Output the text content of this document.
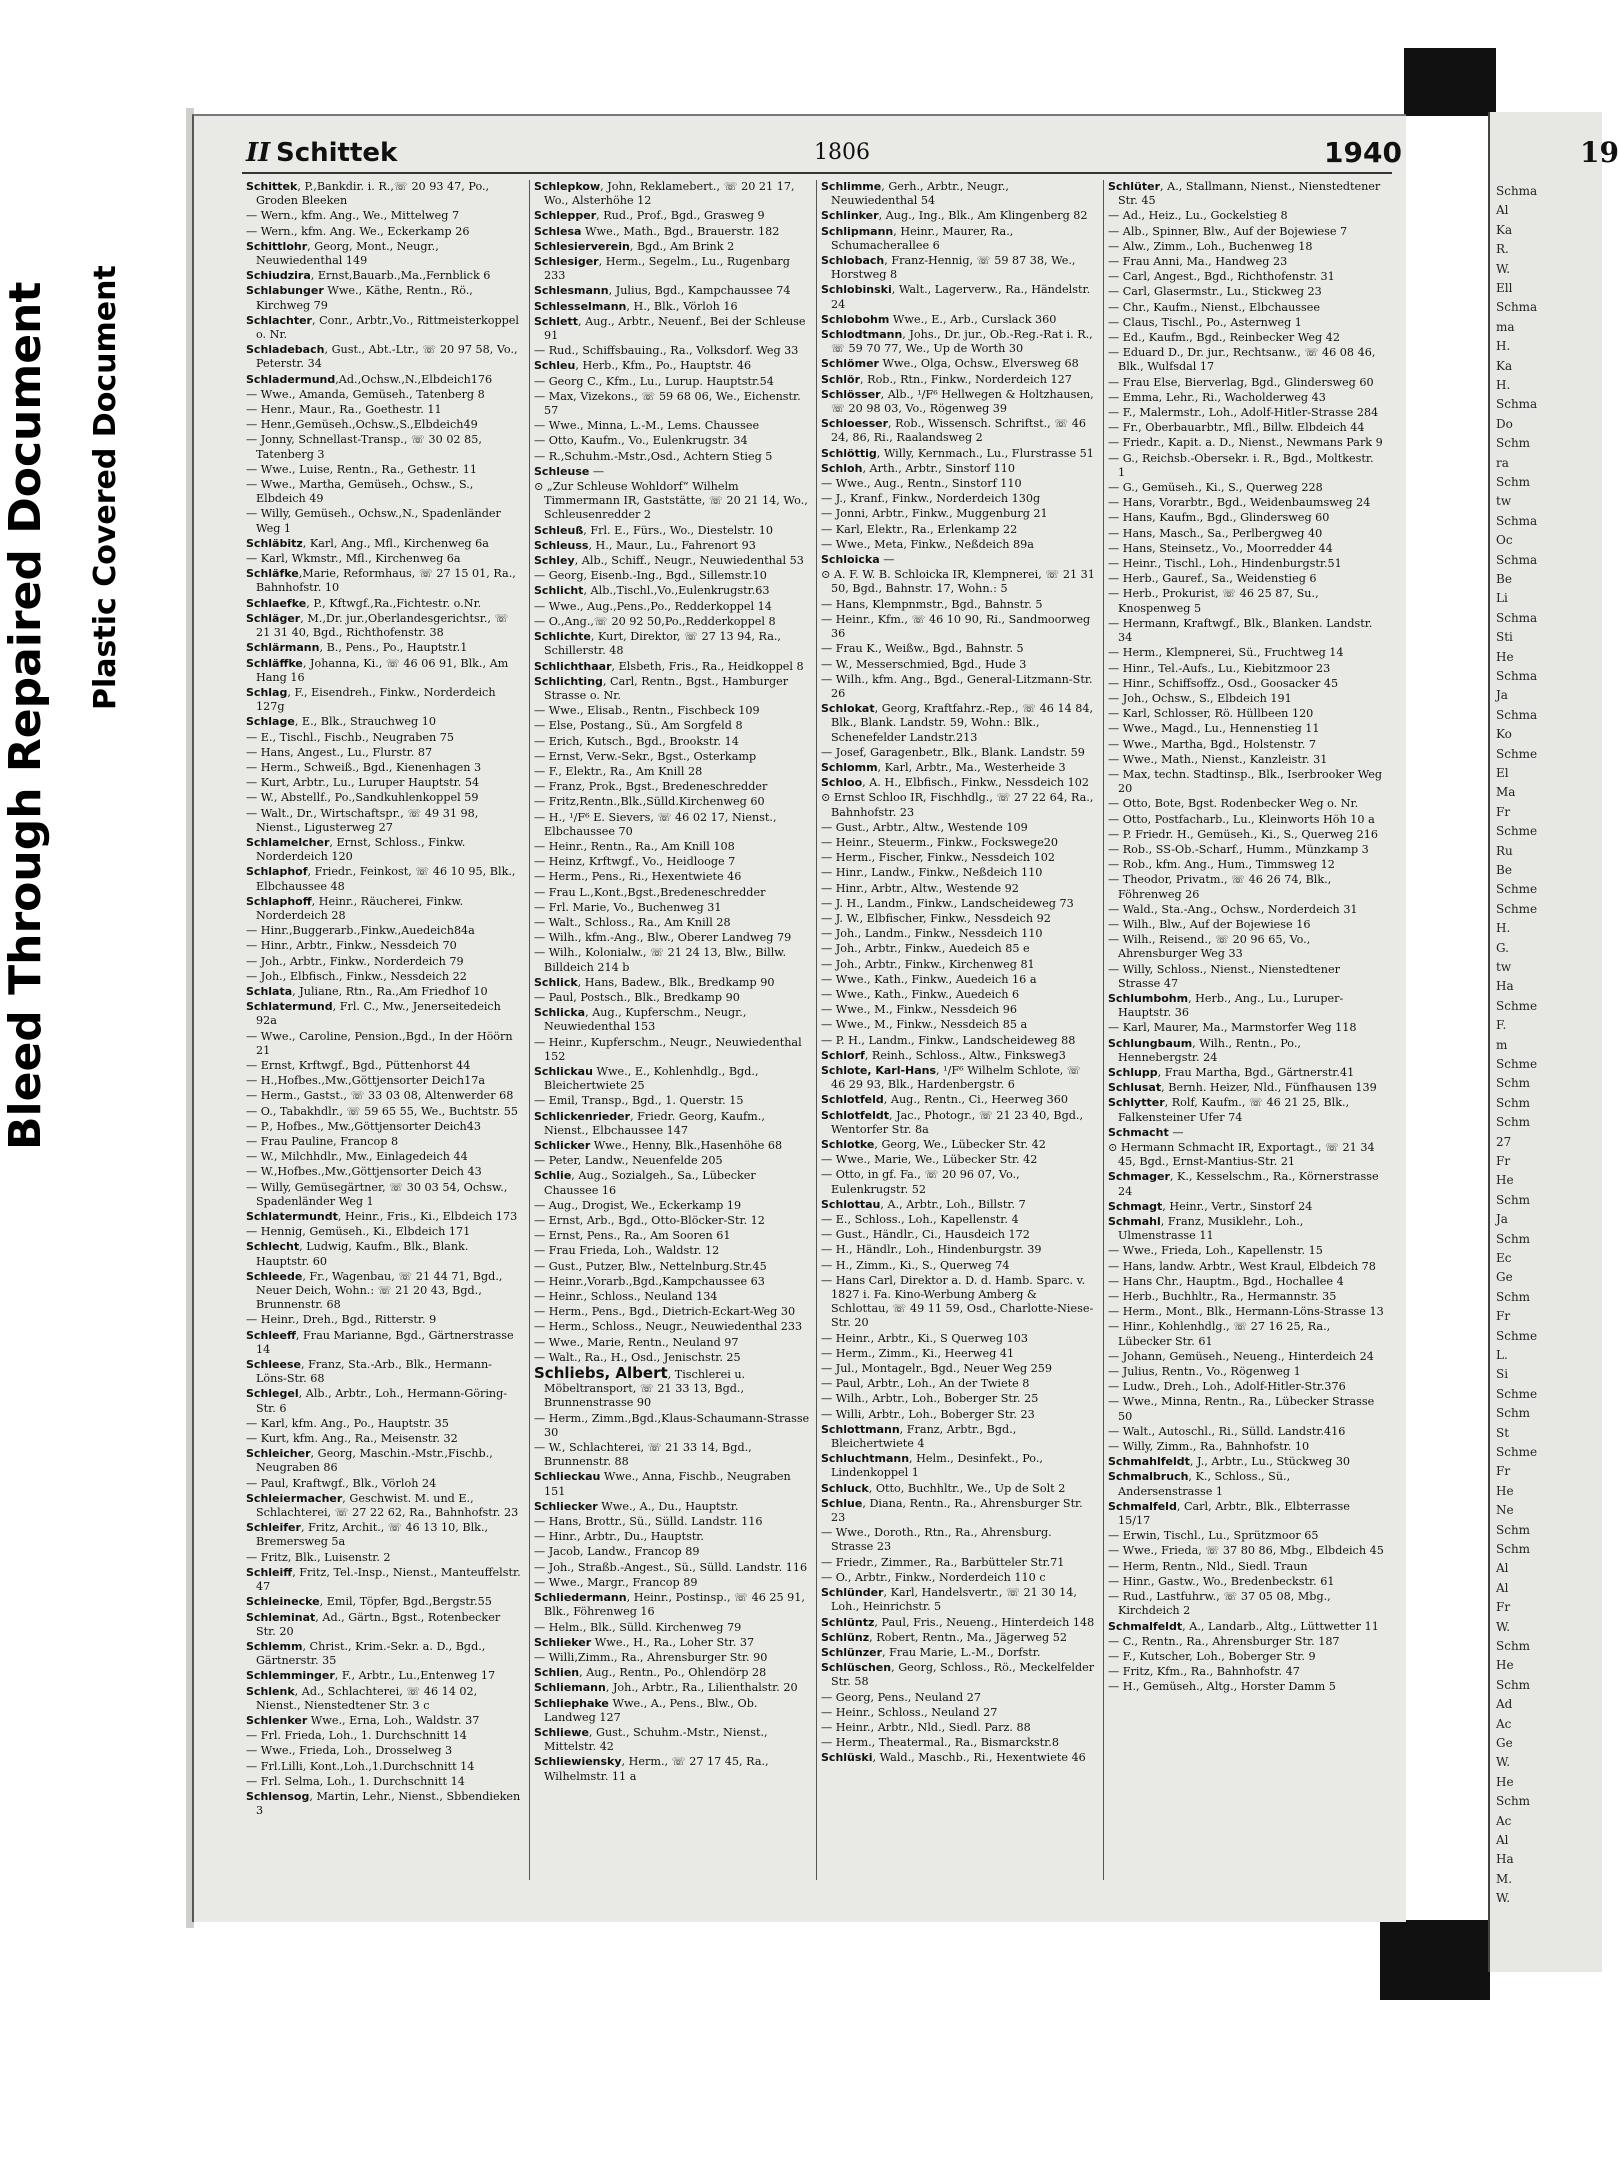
Bleed Through Repaired Document Plastic Covered Document
II Schittek	1806	1940
Schittek, P.,Bankdir. i. R.,☏ 20 93 47, Po., Groden Bleeken
— Wern., kfm. Ang., We., Mittelweg 7
— Wern., kfm. Ang. We., Eckerkamp 26
Schittlohr, Georg, Mont., Neugr., Neuwiedenthal 149
Schiudzira, Ernst,Bauarb.,Ma.,Fernblick 6
Schlabunger Wwe., Käthe, Rentn., Rö., Kirchweg 79
Schlachter, Conr., Arbtr.,Vo., Rittmeisterkoppel o. Nr.
Schladebach, Gust., Abt.-Ltr., ☏ 20 97 58, Vo., Peterstr. 34
Schladermund,Ad.,Ochsw.,N.,Elbdeich176
— Wwe., Amanda, Gemüseh., Tatenberg 8
— Henr., Maur., Ra., Goethestr. 11
— Henr.,Gemüseh.,Ochsw.,S.,Elbdeich49
— Jonny, Schnellast-Transp., ☏ 30 02 85, Tatenberg 3
— Wwe., Luise, Rentn., Ra., Gethestr. 11
— Wwe., Martha, Gemüseh., Ochsw., S., Elbdeich 49
— Willy, Gemüseh., Ochsw.,N., Spadenländer Weg 1
Schläbitz, Karl, Ang., Mfl., Kirchenweg 6a
— Karl, Wkmstr., Mfl., Kirchenweg 6a
Schläfke,Marie, Reformhaus, ☏ 27 15 01, Ra., Bahnhofstr. 10
Schlaefke, P., Kftwgf.,Ra.,Fichtestr. o.Nr.
Schläger, M.,Dr. jur.,Oberlandesgerichtsr., ☏ 21 31 40, Bgd., Richthofenstr. 38
Schlärmann, B., Pens., Po., Hauptstr.1
Schläffke, Johanna, Ki., ☏ 46 06 91, Blk., Am Hang 16
Schlag, F., Eisendreh., Finkw., Norderdeich 127g
Schlage, E., Blk., Strauchweg 10
— E., Tischl., Fischb., Neugraben 75
— Hans, Angest., Lu., Flurstr. 87
— Herm., Schweiß., Bgd., Kienenhagen 3
— Kurt, Arbtr., Lu., Luruper Hauptstr. 54
— W., Abstellf., Po.,Sandkuhlenkoppel 59
— Walt., Dr., Wirtschaftspr., ☏ 49 31 98, Nienst., Ligusterweg 27
Schlamelcher, Ernst, Schloss., Finkw. Norderdeich 120
Schlaphof, Friedr., Feinkost, ☏ 46 10 95, Blk., Elbchaussee 48
Schlaphoff, Heinr., Räucherei, Finkw. Norderdeich 28
— Hinr.,Buggerarb.,Finkw.,Auedeich84a
— Hinr., Arbtr., Finkw., Nessdeich 70
— Joh., Arbtr., Finkw., Norderdeich 79
— Joh., Elbfisch., Finkw., Nessdeich 22
Schlata, Juliane, Rtn., Ra.,Am Friedhof 10
Schlatermund, Frl. C., Mw., Jenerseitedeich 92a
— Wwe., Caroline, Pension.,Bgd., In der Höörn 21
— Ernst, Krftwgf., Bgd., Püttenhorst 44
— H.,Hofbes.,Mw.,Göttjensorter Deich17a
— Herm., Gastst., ☏ 33 03 08, Altenwerder 68
— O., Tabakhdlr., ☏ 59 65 55, We., Buchtstr. 55
— P., Hofbes., Mw.,Göttjensorter Deich43
— Frau Pauline, Francop 8
— W., Milchhdlr., Mw., Einlagedeich 44
— W.,Hofbes.,Mw.,Göttjensorter Deich 43
— Willy, Gemüsegärtner, ☏ 30 03 54, Ochsw., Spadenländer Weg 1
Schlatermundt, Heinr., Fris., Ki., Elbdeich 173
— Hennig, Gemüseh., Ki., Elbdeich 171
Schlecht, Ludwig, Kaufm., Blk., Blank. Hauptstr. 60
Schleede, Fr., Wagenbau, ☏ 21 44 71, Bgd., Neuer Deich, Wohn.: ☏ 21 20 43, Bgd., Brunnenstr. 68
— Heinr., Dreh., Bgd., Ritterstr. 9
Schleeff, Frau Marianne, Bgd., Gärtnerstrasse 14
Schleese, Franz, Sta.-Arb., Blk., Hermann-Löns-Str. 68
Schlegel, Alb., Arbtr., Loh., Hermann-Göring-Str. 6
— Karl, kfm. Ang., Po., Hauptstr. 35
— Kurt, kfm. Ang., Ra., Meisenstr. 32
Schleicher, Georg, Maschin.-Mstr.,Fischb., Neugraben 86
— Paul, Kraftwgf., Blk., Vörloh 24
Schleiermacher, Geschwist. M. und E., Schlachterei, ☏ 27 22 62, Ra., Bahnhofstr. 23
Schleifer, Fritz, Archit., ☏ 46 13 10, Blk., Bremersweg 5a
— Fritz, Blk., Luisenstr. 2
Schleiff, Fritz, Tel.-Insp., Nienst., Manteuffelstr. 47
Schleinecke, Emil, Töpfer, Bgd.,Bergstr.55
Schleminat, Ad., Gärtn., Bgst., Rotenbecker Str. 20
Schlemm, Christ., Krim.-Sekr. a. D., Bgd., Gärtnerstr. 35
Schlemminger, F., Arbtr., Lu.,Entenweg 17
Schlenk, Ad., Schlachterei, ☏ 46 14 02, Nienst., Nienstedtener Str. 3 c
Schlenker Wwe., Erna, Loh., Waldstr. 37
— Frl. Frieda, Loh., 1. Durchschnitt 14
— Wwe., Frieda, Loh., Drosselweg 3
— Frl.Lilli, Kont.,Loh.,1.Durchschnitt 14
— Frl. Selma, Loh., 1. Durchschnitt 14
Schlensog, Martin, Lehr., Nienst., Sbbendieken 3
Schlepkow, John, Reklamebert., ☏ 20 21 17, Wo., Alsterhöhe 12
Schlepper, Rud., Prof., Bgd., Grasweg 9
Schlesa Wwe., Math., Bgd., Brauerstr. 182
Schlesierverein, Bgd., Am Brink 2
Schlesiger, Herm., Segelm., Lu., Rugenbarg 233
Schlesmann, Julius, Bgd., Kampchaussee 74
Schlesselmann, H., Blk., Vörloh 16
Schlett, Aug., Arbtr., Neuenf., Bei der Schleuse 91
— Rud., Schiffsbauing., Ra., Volksdorf. Weg 33
Schleu, Herb., Kfm., Po., Hauptstr. 46
— Georg C., Kfm., Lu., Lurup. Hauptstr.54
— Max, Vizekons., ☏ 59 68 06, We., Eichenstr. 57
— Wwe., Minna, L.-M., Lems. Chaussee
— Otto, Kaufm., Vo., Eulenkrugstr. 34
— R.,Schuhm.-Mstr.,Osd., Achtern Stieg 5
Schleuse —
⊙ „Zur Schleuse Wohldorf“ Wilhelm Timmermann IR, Gaststätte, ☏ 20 21 14, Wo., Schleusenredder 2
Schleuß, Frl. E., Fürs., Wo., Diestelstr. 10
Schleuss, H., Maur., Lu., Fahrenort 93
Schley, Alb., Schiff., Neugr., Neuwiedenthal 53
— Georg, Eisenb.-Ing., Bgd., Sillemstr.10
Schlicht, Alb.,Tischl.,Vo.,Eulenkrugstr.63
— Wwe., Aug.,Pens.,Po., Redderkoppel 14
— O.,Ang.,☏ 20 92 50,Po.,Redderkoppel 8
Schlichte, Kurt, Direktor, ☏ 27 13 94, Ra., Schillerstr. 48
Schlichthaar, Elsbeth, Fris., Ra., Heidkoppel 8
Schlichting, Carl, Rentn., Bgst., Hamburger Strasse o. Nr.
— Wwe., Elisab., Rentn., Fischbeck 109
— Else, Postang., Sü., Am Sorgfeld 8
— Erich, Kutsch., Bgd., Brookstr. 14
— Ernst, Verw.-Sekr., Bgst., Osterkamp
— F., Elektr., Ra., Am Knill 28
— Franz, Prok., Bgst., Bredeneschredder
— Fritz,Rentn.,Blk.,Sülld.Kirchenweg 60
— H., ¹/F⁶ E. Sievers, ☏ 46 02 17, Nienst., Elbchaussee 70
— Heinr., Rentn., Ra., Am Knill 108
— Heinz, Krftwgf., Vo., Heidlooge 7
— Herm., Pens., Ri., Hexentwiete 46
— Frau L.,Kont.,Bgst.,Bredeneschredder
— Frl. Marie, Vo., Buchenweg 31
— Walt., Schloss., Ra., Am Knill 28
— Wilh., kfm.-Ang., Blw., Oberer Landweg 79
— Wilh., Kolonialw., ☏ 21 24 13, Blw., Billw. Billdeich 214 b
Schlick, Hans, Badew., Blk., Bredkamp 90
— Paul, Postsch., Blk., Bredkamp 90
Schlicka, Aug., Kupferschm., Neugr., Neuwiedenthal 153
— Heinr., Kupferschm., Neugr., Neuwiedenthal 152
Schlickau Wwe., E., Kohlenhdlg., Bgd., Bleichertwiete 25
— Emil, Transp., Bgd., 1. Querstr. 15
Schlickenrieder, Friedr. Georg, Kaufm., Nienst., Elbchaussee 147
Schlicker Wwe., Henny, Blk.,Hasenhöhe 68
— Peter, Landw., Neuenfelde 205
Schlie, Aug., Sozialgeh., Sa., Lübecker Chaussee 16
— Aug., Drogist, We., Eckerkamp 19
— Ernst, Arb., Bgd., Otto-Blöcker-Str. 12
— Ernst, Pens., Ra., Am Sooren 61
— Frau Frieda, Loh., Waldstr. 12
— Gust., Putzer, Blw., Nettelnburg.Str.45
— Heinr.,Vorarb.,Bgd.,Kampchaussee 63
— Heinr., Schloss., Neuland 134
— Herm., Pens., Bgd., Dietrich-Eckart-Weg 30
— Herm., Schloss., Neugr., Neuwiedenthal 233
— Wwe., Marie, Rentn., Neuland 97
— Walt., Ra., H., Osd., Jenischstr. 25
Schliebs, Albert, Tischlerei u. Möbeltransport, ☏ 21 33 13, Bgd., Brunnenstrasse 90
— Herm., Zimm.,Bgd.,Klaus-Schaumann-Strasse 30
— W., Schlachterei, ☏ 21 33 14, Bgd., Brunnenstr. 88
Schlieckau Wwe., Anna, Fischb., Neugraben 151
Schliecker Wwe., A., Du., Hauptstr.
— Hans, Brottr., Sü., Sülld. Landstr. 116
— Hinr., Arbtr., Du., Hauptstr.
— Jacob, Landw., Francop 89
— Joh., Straßb.-Angest., Sü., Sülld. Landstr. 116
— Wwe., Margr., Francop 89
Schliedermann, Heinr., Postinsp., ☏ 46 25 91, Blk., Föhrenweg 16
— Helm., Blk., Sülld. Kirchenweg 79
Schlieker Wwe., H., Ra., Loher Str. 37
— Willi,Zimm., Ra., Ahrensburger Str. 90
Schlien, Aug., Rentn., Po., Ohlendörp 28
Schliemann, Joh., Arbtr., Ra., Lilienthalstr. 20
Schliephake Wwe., A., Pens., Blw., Ob. Landweg 127
Schliewe, Gust., Schuhm.-Mstr., Nienst., Mittelstr. 42
Schliewiensky, Herm., ☏ 27 17 45, Ra., Wilhelmstr. 11 a
Schlimme, Gerh., Arbtr., Neugr., Neuwiedenthal 54
Schlinker, Aug., Ing., Blk., Am Klingenberg 82
Schlipmann, Heinr., Maurer, Ra., Schumacherallee 6
Schlobach, Franz-Hennig, ☏ 59 87 38, We., Horstweg 8
Schlobinski, Walt., Lagerverw., Ra., Händelstr. 24
Schlobohm Wwe., E., Arb., Curslack 360
Schlodtmann, Johs., Dr. jur., Ob.-Reg.-Rat i. R., ☏ 59 70 77, We., Up de Worth 30
Schlömer Wwe., Olga, Ochsw., Elversweg 68
Schlör, Rob., Rtn., Finkw., Norderdeich 127
Schlösser, Alb., ¹/F⁶ Hellwegen & Holtzhausen, ☏ 20 98 03, Vo., Rögenweg 39
Schloesser, Rob., Wissensch. Schriftst., ☏ 46 24, 86, Ri., Raalandsweg 2
Schlöttig, Willy, Kernmach., Lu., Flurstrasse 51
Schloh, Arth., Arbtr., Sinstorf 110
— Wwe., Aug., Rentn., Sinstorf 110
— J., Kranf., Finkw., Norderdeich 130g
— Jonni, Arbtr., Finkw., Muggenburg 21
— Karl, Elektr., Ra., Erlenkamp 22
— Wwe., Meta, Finkw., Neßdeich 89a
Schloicka —
⊙ A. F. W. B. Schloicka IR, Klempnerei, ☏ 21 31 50, Bgd., Bahnstr. 17, Wohn.: 5
— Hans, Klempnmstr., Bgd., Bahnstr. 5
— Heinr., Kfm., ☏ 46 10 90, Ri., Sandmoorweg 36
— Frau K., Weißw., Bgd., Bahnstr. 5
— W., Messerschmied, Bgd., Hude 3
— Wilh., kfm. Ang., Bgd., General-Litzmann-Str. 26
Schlokat, Georg, Kraftfahrz.-Rep., ☏ 46 14 84, Blk., Blank. Landstr. 59, Wohn.: Blk., Schenefelder Landstr.213
— Josef, Garagenbetr., Blk., Blank. Landstr. 59
Schlomm, Karl, Arbtr., Ma., Westerheide 3
Schloo, A. H., Elbfisch., Finkw., Nessdeich 102
⊙ Ernst Schloo IR, Fischhdlg., ☏ 27 22 64, Ra., Bahnhofstr. 23
— Gust., Arbtr., Altw., Westende 109
— Heinr., Steuerm., Finkw., Fockswege20
— Herm., Fischer, Finkw., Nessdeich 102
— Hinr., Landw., Finkw., Neßdeich 110
— Hinr., Arbtr., Altw., Westende 92
— J. H., Landm., Finkw., Landscheideweg 73
— J. W., Elbfischer, Finkw., Nessdeich 92
— Joh., Landm., Finkw., Nessdeich 110
— Joh., Arbtr., Finkw., Auedeich 85 e
— Joh., Arbtr., Finkw., Kirchenweg 81
— Wwe., Kath., Finkw., Auedeich 16 a
— Wwe., Kath., Finkw., Auedeich 6
— Wwe., M., Finkw., Nessdeich 96
— Wwe., M., Finkw., Nessdeich 85 a
— P. H., Landm., Finkw., Landscheideweg 88
Schlorf, Reinh., Schloss., Altw., Finksweg3
Schlote, Karl-Hans, ¹/F⁶ Wilhelm Schlote, ☏ 46 29 93, Blk., Hardenbergstr. 6
Schlotfeld, Aug., Rentn., Ci., Heerweg 360
Schlotfeldt, Jac., Photogr., ☏ 21 23 40, Bgd., Wentorfer Str. 8a
Schlotke, Georg, We., Lübecker Str. 42
— Wwe., Marie, We., Lübecker Str. 42
— Otto, in gf. Fa., ☏ 20 96 07, Vo., Eulenkrugstr. 52
Schlottau, A., Arbtr., Loh., Billstr. 7
— E., Schloss., Loh., Kapellenstr. 4
— Gust., Händlr., Ci., Hausdeich 172
— H., Händlr., Loh., Hindenburgstr. 39
— H., Zimm., Ki., S., Querweg 74
— Hans Carl, Direktor a. D. d. Hamb. Sparc. v. 1827 i. Fa. Kino-Werbung Amberg & Schlottau, ☏ 49 11 59, Osd., Charlotte-Niese-Str. 20
— Heinr., Arbtr., Ki., S Querweg 103
— Herm., Zimm., Ki., Heerweg 41
— Jul., Montagelr., Bgd., Neuer Weg 259
— Paul, Arbtr., Loh., An der Twiete 8
— Wilh., Arbtr., Loh., Boberger Str. 25
— Willi, Arbtr., Loh., Boberger Str. 23
Schlottmann, Franz, Arbtr., Bgd., Bleichertwiete 4
Schluchtmann, Helm., Desinfekt., Po., Lindenkoppel 1
Schluck, Otto, Buchhltr., We., Up de Solt 2
Schlue, Diana, Rentn., Ra., Ahrensburger Str. 23
— Wwe., Doroth., Rtn., Ra., Ahrensburg. Strasse 23
— Friedr., Zimmer., Ra., Barbütteler Str.71
— O., Arbtr., Finkw., Norderdeich 110 c
Schlünder, Karl, Handelsvertr., ☏ 21 30 14, Loh., Heinrichstr. 5
Schlüntz, Paul, Fris., Neueng., Hinterdeich 148
Schlünz, Robert, Rentn., Ma., Jägerweg 52
Schlünzer, Frau Marie, L.-M., Dorfstr.
Schlüschen, Georg, Schloss., Rö., Meckelfelder Str. 58
— Georg, Pens., Neuland 27
— Heinr., Schloss., Neuland 27
— Heinr., Arbtr., Nld., Siedl. Parz. 88
— Herm., Theatermal., Ra., Bismarckstr.8
Schlüski, Wald., Maschb., Ri., Hexentwiete 46
Schlüter, A., Stallmann, Nienst., Nienstedtener Str. 45
— Ad., Heiz., Lu., Gockelstieg 8
— Alb., Spinner, Blw., Auf der Bojewiese 7
— Alw., Zimm., Loh., Buchenweg 18
— Frau Anni, Ma., Handweg 23
— Carl, Angest., Bgd., Richthofenstr. 31
— Carl, Glasermstr., Lu., Stickweg 23
— Chr., Kaufm., Nienst., Elbchaussee
— Claus, Tischl., Po., Asternweg 1
— Ed., Kaufm., Bgd., Reinbecker Weg 42
— Eduard D., Dr. jur., Rechtsanw., ☏ 46 08 46, Blk., Wulfsdal 17
— Frau Else, Bierverlag, Bgd., Glindersweg 60
— Emma, Lehr., Ri., Wacholderweg 43
— F., Malermstr., Loh., Adolf-Hitler-Strasse 284
— Fr., Oberbauarbtr., Mfl., Billw. Elbdeich 44
— Friedr., Kapit. a. D., Nienst., Newmans Park 9
— G., Reichsb.-Obersekr. i. R., Bgd., Moltkestr. 1
— G., Gemüseh., Ki., S., Querweg 228
— Hans, Vorarbtr., Bgd., Weidenbaumsweg 24
— Hans, Kaufm., Bgd., Glindersweg 60
— Hans, Masch., Sa., Perlbergweg 40
— Hans, Steinsetz., Vo., Moorredder 44
— Heinr., Tischl., Loh., Hindenburgstr.51
— Herb., Gauref., Sa., Weidenstieg 6
— Herb., Prokurist, ☏ 46 25 87, Su., Knospenweg 5
— Hermann, Kraftwgf., Blk., Blanken. Landstr. 34
— Herm., Klempnerei, Sü., Fruchtweg 14
— Hinr., Tel.-Aufs., Lu., Kiebitzmoor 23
— Hinr., Schiffsoffz., Osd., Goosacker 45
— Joh., Ochsw., S., Elbdeich 191
— Karl, Schlosser, Rö. Hüllbeen 120
— Wwe., Magd., Lu., Hennenstieg 11
— Wwe., Martha, Bgd., Holstenstr. 7
— Wwe., Math., Nienst., Kanzleistr. 31
— Max, techn. Stadtinsp., Blk., Iserbrooker Weg 20
— Otto, Bote, Bgst. Rodenbecker Weg o. Nr.
— Otto, Postfacharb., Lu., Kleinworts Höh 10 a
— P. Friedr. H., Gemüseh., Ki., S., Querweg 216
— Rob., SS-Ob.-Scharf., Humm., Münzkamp 3
— Rob., kfm. Ang., Hum., Timmsweg 12
— Theodor, Privatm., ☏ 46 26 74, Blk., Föhrenweg 26
— Wald., Sta.-Ang., Ochsw., Norderdeich 31
— Wilh., Blw., Auf der Bojewiese 16
— Wilh., Reisend., ☏ 20 96 65, Vo., Ahrensburger Weg 33
— Willy, Schloss., Nienst., Nienstedtener Strasse 47
Schlumbohm, Herb., Ang., Lu., Luruper-Hauptstr. 36
— Karl, Maurer, Ma., Marmstorfer Weg 118
Schlungbaum, Wilh., Rentn., Po., Hennebergstr. 24
Schlupp, Frau Martha, Bgd., Gärtnerstr.41
Schlusat, Bernh. Heizer, Nld., Fünfhausen 139
Schlytter, Rolf, Kaufm., ☏ 46 21 25, Blk., Falkensteiner Ufer 74
Schmacht —
⊙ Hermann Schmacht IR, Exportagt., ☏ 21 34 45, Bgd., Ernst-Mantius-Str. 21
Schmager, K., Kesselschm., Ra., Körnerstrasse 24
Schmagt, Heinr., Vertr., Sinstorf 24
Schmahl, Franz, Musiklehr., Loh., Ulmenstrasse 11
— Wwe., Frieda, Loh., Kapellenstr. 15
— Hans, landw. Arbtr., West Kraul, Elbdeich 78
— Hans Chr., Hauptm., Bgd., Hochallee 4
— Herb., Buchhltr., Ra., Hermannstr. 35
— Herm., Mont., Blk., Hermann-Löns-Strasse 13
— Hinr., Kohlenhdlg., ☏ 27 16 25, Ra., Lübecker Str. 61
— Johann, Gemüseh., Neueng., Hinterdeich 24
— Julius, Rentn., Vo., Rögenweg 1
— Ludw., Dreh., Loh., Adolf-Hitler-Str.376
— Wwe., Minna, Rentn., Ra., Lübecker Strasse 50
— Walt., Autoschl., Ri., Sülld. Landstr.416
— Willy, Zimm., Ra., Bahnhofstr. 10
Schmahlfeldt, J., Arbtr., Lu., Stückweg 30
Schmalbruch, K., Schloss., Sü., Andersenstrasse 1
Schmalfeld, Carl, Arbtr., Blk., Elbterrasse 15/17
— Erwin, Tischl., Lu., Sprützmoor 65
— Wwe., Frieda, ☏ 37 80 86, Mbg., Elbdeich 45
— Herm, Rentn., Nld., Siedl. Traun
— Hinr., Gastw., Wo., Bredenbeckstr. 61
— Rud., Lastfuhrw., ☏ 37 05 08, Mbg., Kirchdeich 2
Schmalfeldt, A., Landarb., Altg., Lüttwetter 11
— C., Rentn., Ra., Ahrensburger Str. 187
— F., Kutscher, Loh., Boberger Str. 9
— Fritz, Kfm., Ra., Bahnhofstr. 47
— H., Gemüseh., Altg., Horster Damm 5
19
Schma
Al
Ka
R.
W.
Ell
Schma
ma
H.
Ka
H.
Schma
Do
Schm
ra
Schm
tw
Schma
Oc
Schma
Be
Li
Schma
Sti
He
Schma
Ja
Schma
Ko
Schme
El
Ma
Fr
Schme
Ru
Be
Schme
Schme
H.
G.
tw
Ha
Schme
F.
m
Schme
Schm
Schm
Schm
27
Fr
He
Schm
Ja
Schm
Ec
Ge
Schm
Fr
Schme
L.
Si
Schme
Schm
St
Schme
Fr
He
Ne
Schm
Schm
Al
Al
Fr
W.
Schm
He
Schm
Ad
Ac
Ge
W.
He
Schm
Ac
Al
Ha
M.
W.
